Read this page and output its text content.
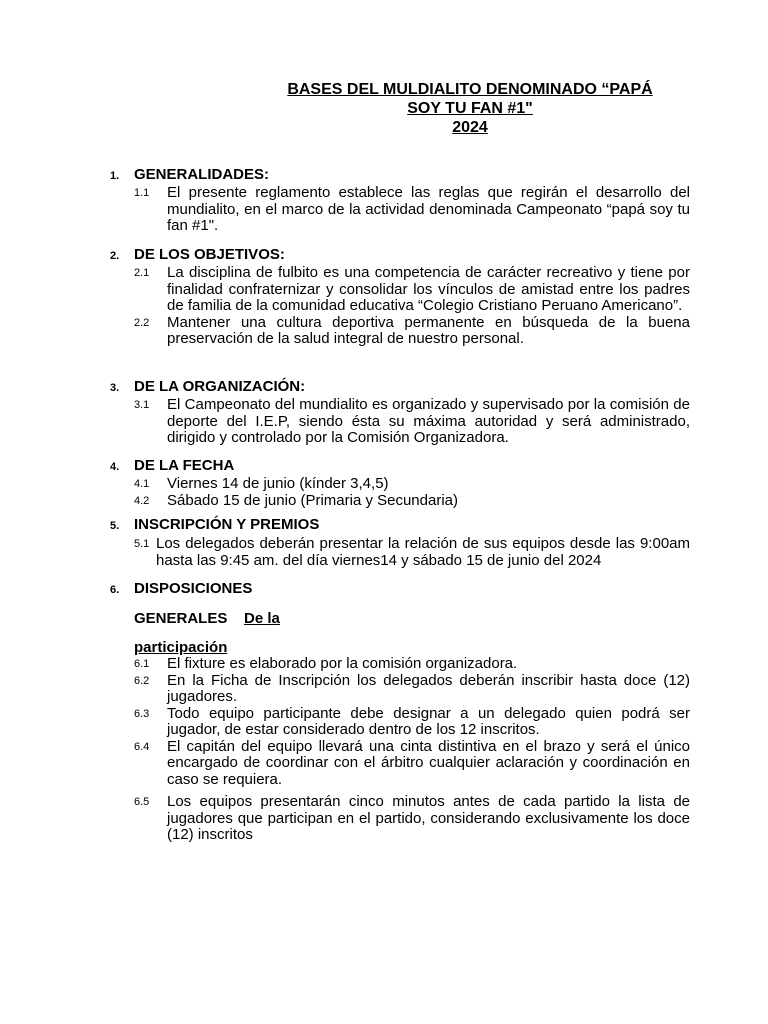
BASES DEL MULDIALITO DENOMINADO “PAPÁ
SOY TU FAN #1"
2024
1. GENERALIDADES:
1.1	El presente reglamento establece las reglas que regirán el desarrollo del mundialito, en el marco de la actividad denominada Campeonato “papá soy tu fan #1".
2. DE LOS OBJETIVOS:
2.1	La disciplina de fulbito es una competencia de carácter recreativo y tiene por finalidad confraternizar y consolidar los vínculos de amistad entre los padres de familia de la comunidad educativa “Colegio Cristiano Peruano Americano”.
2.2	Mantener una cultura deportiva permanente en búsqueda de la buena preservación de la salud integral de nuestro personal.
3. DE LA ORGANIZACIÓN:
3.1	El Campeonato del mundialito es organizado y supervisado por la comisión de deporte del I.E.P, siendo ésta su máxima autoridad y será administrado, dirigido y controlado por la Comisión Organizadora.
4. DE LA FECHA
4.1	Viernes 14 de junio (kínder 3,4,5)
4.2	Sábado 15 de junio (Primaria y Secundaria)
5. INSCRIPCIÓN Y PREMIOS
5.1 Los delegados deberán presentar la relación de sus equipos desde las 9:00am hasta las 9:45 am. del día viernes14 y sábado 15 de junio del 2024
6. DISPOSICIONES
GENERALES De la
participación
6.1	El fixture es elaborado por la comisión organizadora.
6.2	En la Ficha de Inscripción los delegados deberán inscribir hasta doce (12) jugadores.
6.3	Todo equipo participante debe designar a un delegado quien podrá ser jugador, de estar considerado dentro de los 12 inscritos.
6.4	El capitán del equipo llevará una cinta distintiva en el brazo y será el único encargado de coordinar con el árbitro cualquier aclaración y coordinación en caso se requiera.
6.5	Los equipos presentarán cinco minutos antes de cada partido la lista de jugadores que participan en el partido, considerando exclusivamente los doce (12) inscritos
